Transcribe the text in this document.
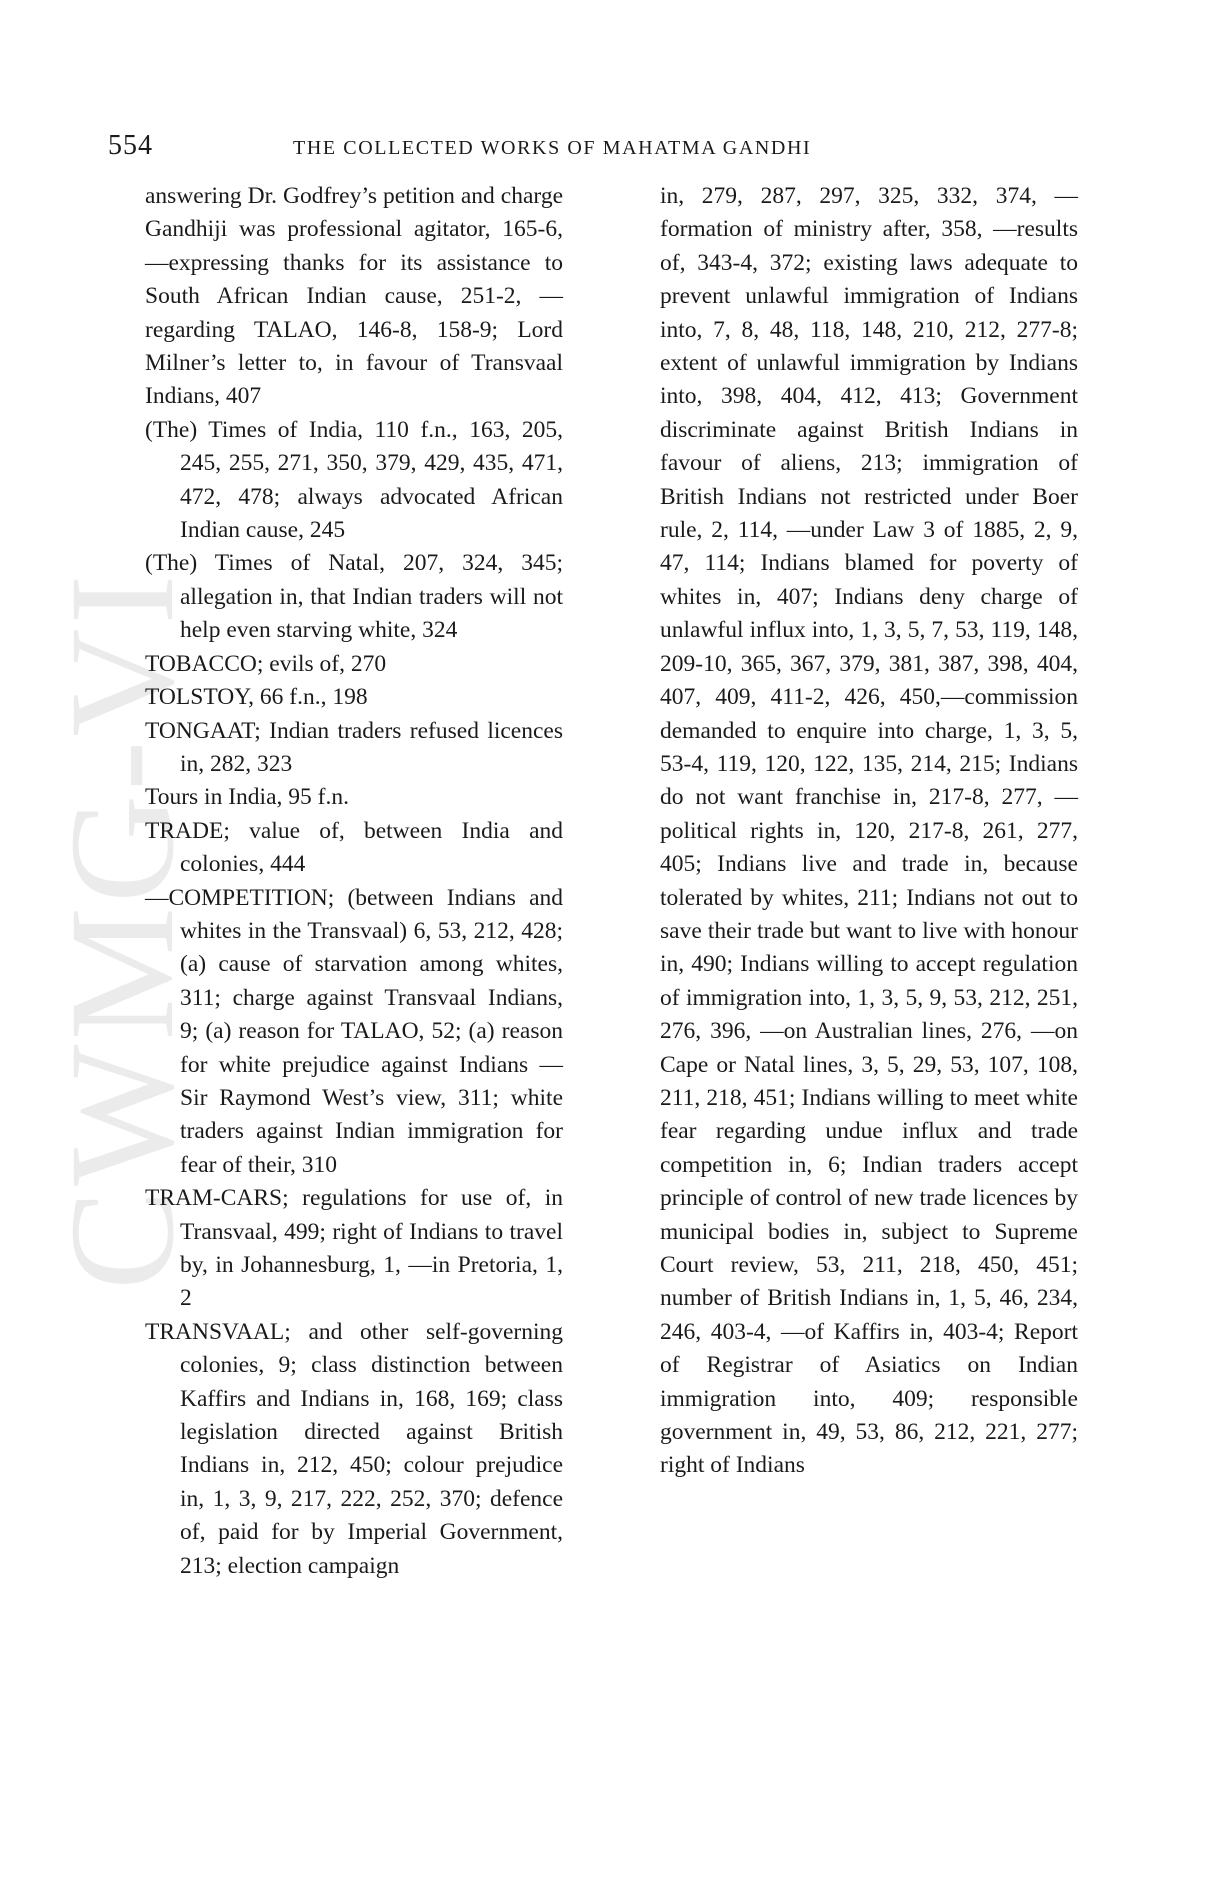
CWMG-VI
554	THE COLLECTED WORKS OF MAHATMA GANDHI

answering Dr. Godfrey’s petition and charge Gandhiji was professional agitator, 165-6, —expressing thanks for its assistance to South African Indian cause, 251-2, —regarding TALAO, 146-8, 158-9; Lord Milner’s letter to, in favour of Transvaal Indians, 407

(The) Times of India, 110 f.n., 163, 205, 245, 255, 271, 350, 379, 429, 435, 471, 472, 478; always advocated African Indian cause, 245

(The) Times of Natal, 207, 324, 345; allegation in, that Indian traders will not help even starving white, 324

TOBACCO; evils of, 270

TOLSTOY, 66 f.n., 198

TONGAAT; Indian traders refused licences in, 282, 323

Tours in India, 95 f.n.

TRADE; value of, between India and colonies, 444

—COMPETITION; (between Indians and whites in the Transvaal) 6, 53, 212, 428; (a) cause of starvation among whites, 311; charge against Transvaal Indians, 9; (a) reason for TALAO, 52; (a) reason for white prejudice against Indians —Sir Raymond West’s view, 311; white traders against Indian immigration for fear of their, 310

TRAM-CARS; regulations for use of, in Transvaal, 499; right of Indians to travel by, in Johannesburg, 1, —in Pretoria, 1, 2

TRANSVAAL; and other self-governing colonies, 9; class distinction between Kaffirs and Indians in, 168, 169; class legislation directed against British Indians in, 212, 450; colour prejudice in, 1, 3, 9, 217, 222, 252, 370; defence of, paid for by Imperial Government, 213; election campaign

in, 279, 287, 297, 325, 332, 374, —formation of ministry after, 358, —results of, 343-4, 372; existing laws adequate to prevent unlawful immigration of Indians into, 7, 8, 48, 118, 148, 210, 212, 277-8; extent of unlawful immigration by Indians into, 398, 404, 412, 413; Government discriminate against British Indians in favour of aliens, 213; immigration of British Indians not restricted under Boer rule, 2, 114, —under Law 3 of 1885, 2, 9, 47, 114; Indians blamed for poverty of whites in, 407; Indians deny charge of unlawful influx into, 1, 3, 5, 7, 53, 119, 148, 209-10, 365, 367, 379, 381, 387, 398, 404, 407, 409, 411-2, 426, 450,—commission demanded to enquire into charge, 1, 3, 5, 53-4, 119, 120, 122, 135, 214, 215; Indians do not want franchise in, 217-8, 277, —political rights in, 120, 217-8, 261, 277, 405; Indians live and trade in, because tolerated by whites, 211; Indians not out to save their trade but want to live with honour in, 490; Indians willing to accept regulation of immigration into, 1, 3, 5, 9, 53, 212, 251, 276, 396, —on Australian lines, 276, —on Cape or Natal lines, 3, 5, 29, 53, 107, 108, 211, 218, 451; Indians willing to meet white fear regarding undue influx and trade competition in, 6; Indian traders accept principle of control of new trade licences by municipal bodies in, subject to Supreme Court review, 53, 211, 218, 450, 451; number of British Indians in, 1, 5, 46, 234, 246, 403-4, —of Kaffirs in, 403-4; Report of Registrar of Asiatics on Indian immigration into, 409; responsible government in, 49, 53, 86, 212, 221, 277; right of Indians
